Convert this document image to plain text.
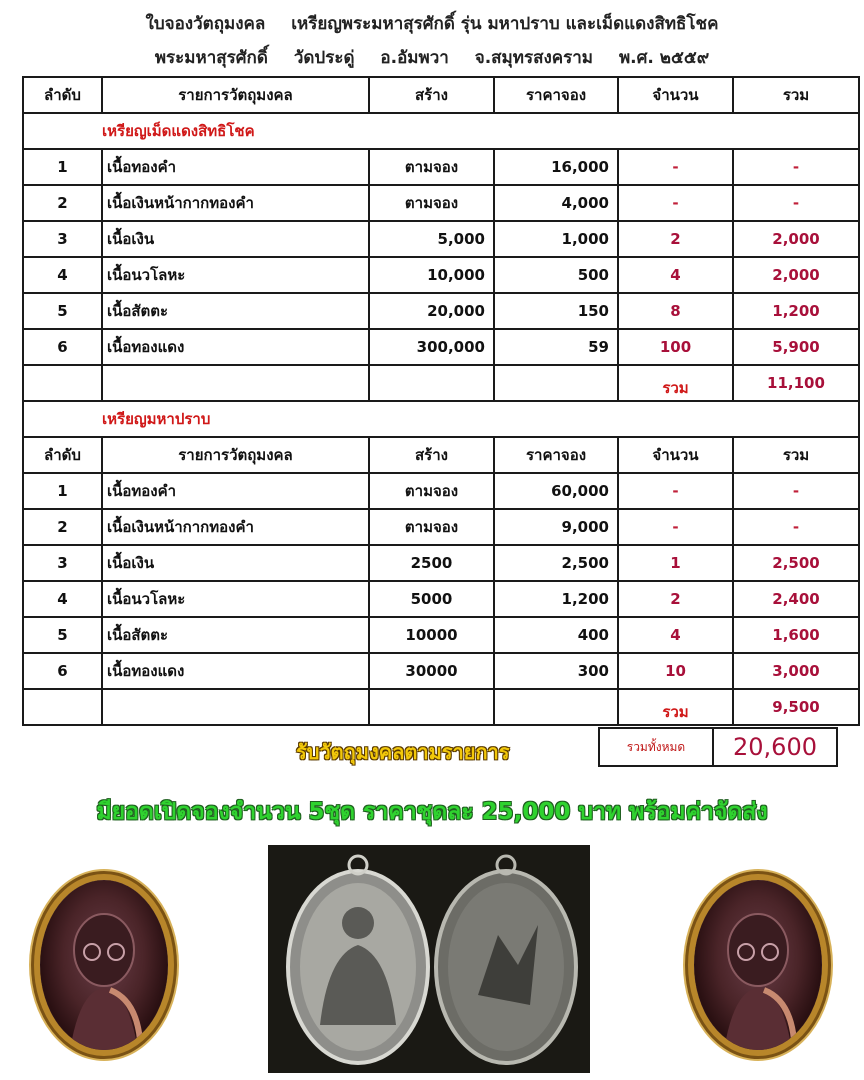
ใบจองวัตถุมงคล เหรียญพระมหาสุรศักดิ์ รุ่น มหาปราบ และเม็ดแดงสิทธิโชค
พระมหาสุรศักดิ์ วัดประดู่ อ.อัมพวา จ.สมุทรสงคราม พ.ศ. ๒๕๕๙
ลำดับ	รายการวัตถุมงคล	สร้าง	ราคาจอง	จำนวน	รวม
เหรียญเม็ดแดงสิทธิโชค					
1	เนื้อทองคำ	ตามจอง	16,000	-	-
2	เนื้อเงินหน้ากากทองคำ	ตามจอง	4,000	-	-
3	เนื้อเงิน	5,000	1,000	2	2,000
4	เนื้อนวโลหะ	10,000	500	4	2,000
5	เนื้อสัตตะ	20,000	150	8	1,200
6	เนื้อทองแดง	300,000	59	100	5,900
				รวม	11,100
เหรียญมหาปราบ					
ลำดับ	รายการวัตถุมงคล	สร้าง	ราคาจอง	จำนวน	รวม
1	เนื้อทองคำ	ตามจอง	60,000	-	-
2	เนื้อเงินหน้ากากทองคำ	ตามจอง	9,000	-	-
3	เนื้อเงิน	2500	2,500	1	2,500
4	เนื้อนวโลหะ	5000	1,200	2	2,400
5	เนื้อสัตตะ	10000	400	4	1,600
6	เนื้อทองแดง	30000	300	10	3,000
				รวม	9,500
รับวัตถุมงคลตามรายการ	รวมทั้งหมด	20,600
มียอดเปิดจองจำนวน 5ชุด ราคาชุดละ 25,000 บาท พร้อมค่าจัดส่ง
